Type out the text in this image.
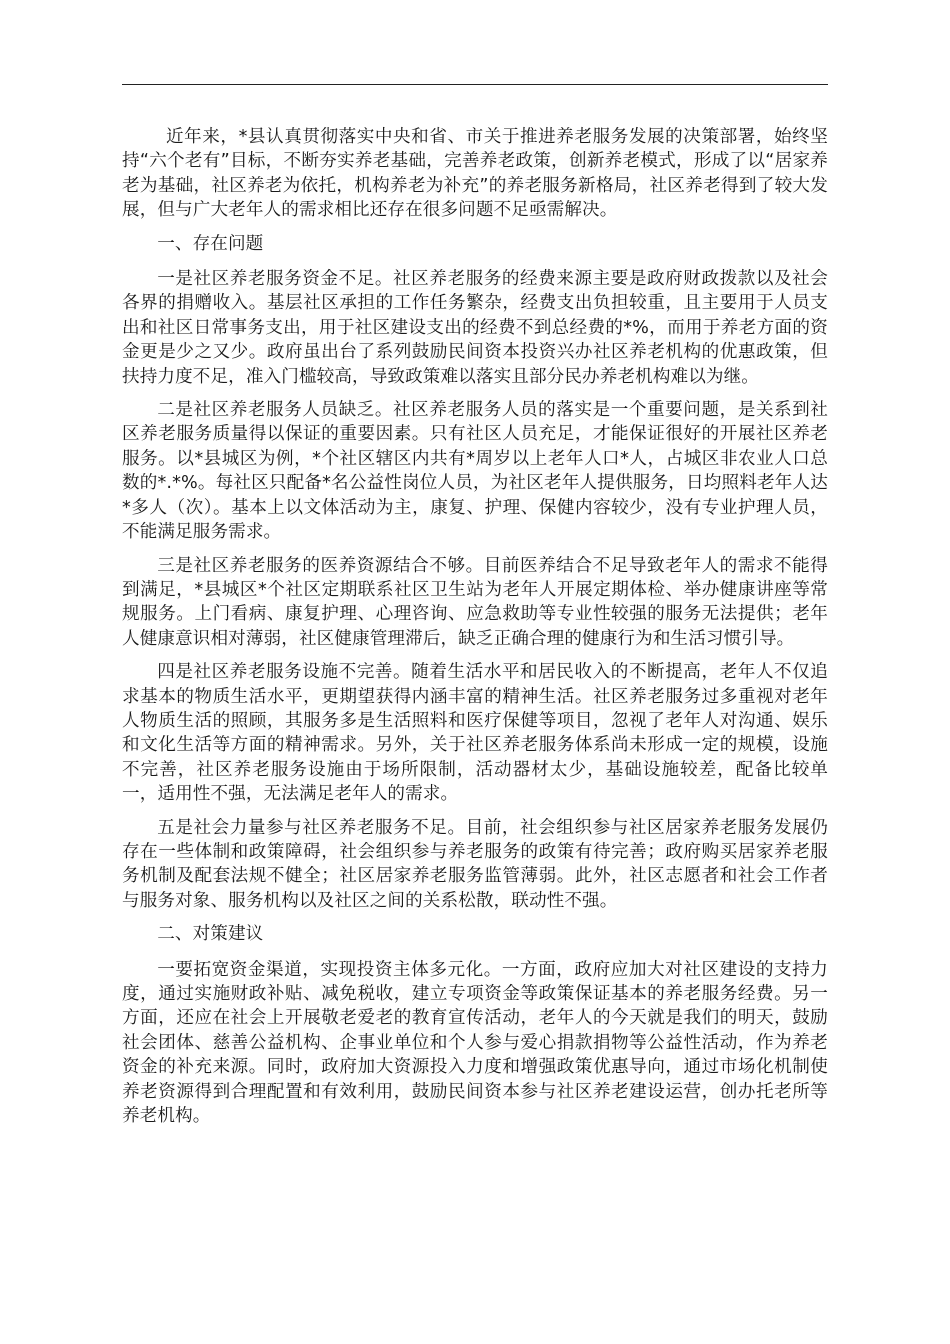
近年来，*县认真贯彻落实中央和省、市关于推进养老服务发展的决策部署，始终坚持“六个老有”目标，不断夯实养老基础，完善养老政策，创新养老模式，形成了以“居家养老为基础，社区养老为依托，机构养老为补充”的养老服务新格局，社区养老得到了较大发展，但与广大老年人的需求相比还存在很多问题不足亟需解决。

一、存在问题

一是社区养老服务资金不足。社区养老服务的经费来源主要是政府财政拨款以及社会各界的捐赠收入。基层社区承担的工作任务繁杂，经费支出负担较重，且主要用于人员支出和社区日常事务支出，用于社区建设支出的经费不到总经费的*%，而用于养老方面的资金更是少之又少。政府虽出台了系列鼓励民间资本投资兴办社区养老机构的优惠政策，但扶持力度不足，准入门槛较高，导致政策难以落实且部分民办养老机构难以为继。

二是社区养老服务人员缺乏。社区养老服务人员的落实是一个重要问题，是关系到社区养老服务质量得以保证的重要因素。只有社区人员充足，才能保证很好的开展社区养老服务。以*县城区为例，*个社区辖区内共有*周岁以上老年人口*人，占城区非农业人口总数的*.*%。每社区只配备*名公益性岗位人员，为社区老年人提供服务，日均照料老年人达*多人（次）。基本上以文体活动为主，康复、护理、保健内容较少，没有专业护理人员，不能满足服务需求。

三是社区养老服务的医养资源结合不够。目前医养结合不足导致老年人的需求不能得到满足，*县城区*个社区定期联系社区卫生站为老年人开展定期体检、举办健康讲座等常规服务。上门看病、康复护理、心理咨询、应急救助等专业性较强的服务无法提供；老年人健康意识相对薄弱，社区健康管理滞后，缺乏正确合理的健康行为和生活习惯引导。

四是社区养老服务设施不完善。随着生活水平和居民收入的不断提高，老年人不仅追求基本的物质生活水平，更期望获得内涵丰富的精神生活。社区养老服务过多重视对老年人物质生活的照顾，其服务多是生活照料和医疗保健等项目，忽视了老年人对沟通、娱乐和文化生活等方面的精神需求。另外，关于社区养老服务体系尚未形成一定的规模，设施不完善，社区养老服务设施由于场所限制，活动器材太少，基础设施较差，配备比较单一，适用性不强，无法满足老年人的需求。

五是社会力量参与社区养老服务不足。目前，社会组织参与社区居家养老服务发展仍存在一些体制和政策障碍，社会组织参与养老服务的政策有待完善；政府购买居家养老服务机制及配套法规不健全；社区居家养老服务监管薄弱。此外，社区志愿者和社会工作者与服务对象、服务机构以及社区之间的关系松散，联动性不强。

二、对策建议

一要拓宽资金渠道，实现投资主体多元化。一方面，政府应加大对社区建设的支持力度，通过实施财政补贴、减免税收，建立专项资金等政策保证基本的养老服务经费。另一方面，还应在社会上开展敬老爱老的教育宣传活动，老年人的今天就是我们的明天，鼓励社会团体、慈善公益机构、企事业单位和个人参与爱心捐款捐物等公益性活动，作为养老资金的补充来源。同时，政府加大资源投入力度和增强政策优惠导向，通过市场化机制使养老资源得到合理配置和有效利用，鼓励民间资本参与社区养老建设运营，创办托老所等养老机构。
